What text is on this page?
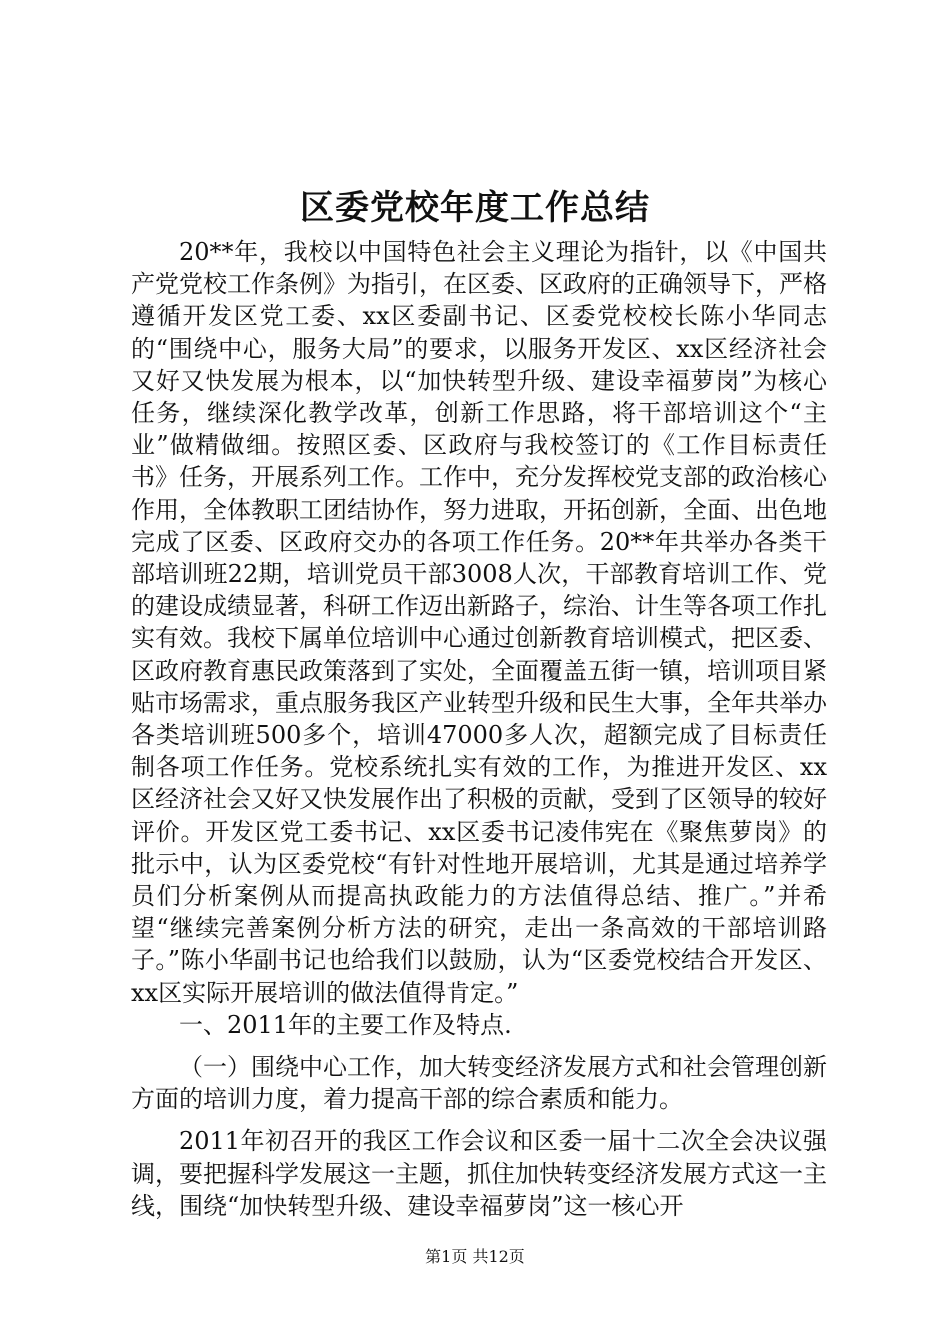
区委党校年度工作总结

20**年，我校以中国特色社会主义理论为指针，以《中国共产党党校工作条例》为指引，在区委、区政府的正确领导下，严格遵循开发区党工委、xx区委副书记、区委党校校长陈小华同志的“围绕中心，服务大局”的要求，以服务开发区、xx区经济社会又好又快发展为根本，以“加快转型升级、建设幸福萝岗”为核心任务，继续深化教学改革，创新工作思路，将干部培训这个“主业”做精做细。按照区委、区政府与我校签订的《工作目标责任书》任务，开展系列工作。工作中，充分发挥校党支部的政治核心作用，全体教职工团结协作，努力进取，开拓创新，全面、出色地完成了区委、区政府交办的各项工作任务。20**年共举办各类干部培训班22期，培训党员干部3008人次，干部教育培训工作、党的建设成绩显著，科研工作迈出新路子，综治、计生等各项工作扎实有效。我校下属单位培训中心通过创新教育培训模式，把区委、区政府教育惠民政策落到了实处，全面覆盖五街一镇，培训项目紧贴市场需求，重点服务我区产业转型升级和民生大事，全年共举办各类培训班500多个，培训47000多人次，超额完成了目标责任制各项工作任务。党校系统扎实有效的工作，为推进开发区、xx区经济社会又好又快发展作出了积极的贡献，受到了区领导的较好评价。开发区党工委书记、xx区委书记凌伟宪在《聚焦萝岗》的批示中，认为区委党校“有针对性地开展培训，尤其是通过培养学员们分析案例从而提高执政能力的方法值得总结、推广。”并希望“继续完善案例分析方法的研究，走出一条高效的干部培训路子。”陈小华副书记也给我们以鼓励，认为“区委党校结合开发区、xx区实际开展培训的做法值得肯定。”

一、2011年的主要工作及特点.

（一）围绕中心工作，加大转变经济发展方式和社会管理创新方面的培训力度，着力提高干部的综合素质和能力。

2011年初召开的我区工作会议和区委一届十二次全会决议强调，要把握科学发展这一主题，抓住加快转变经济发展方式这一主线，围绕“加快转型升级、建设幸福萝岗”这一核心开

第1页 共12页
